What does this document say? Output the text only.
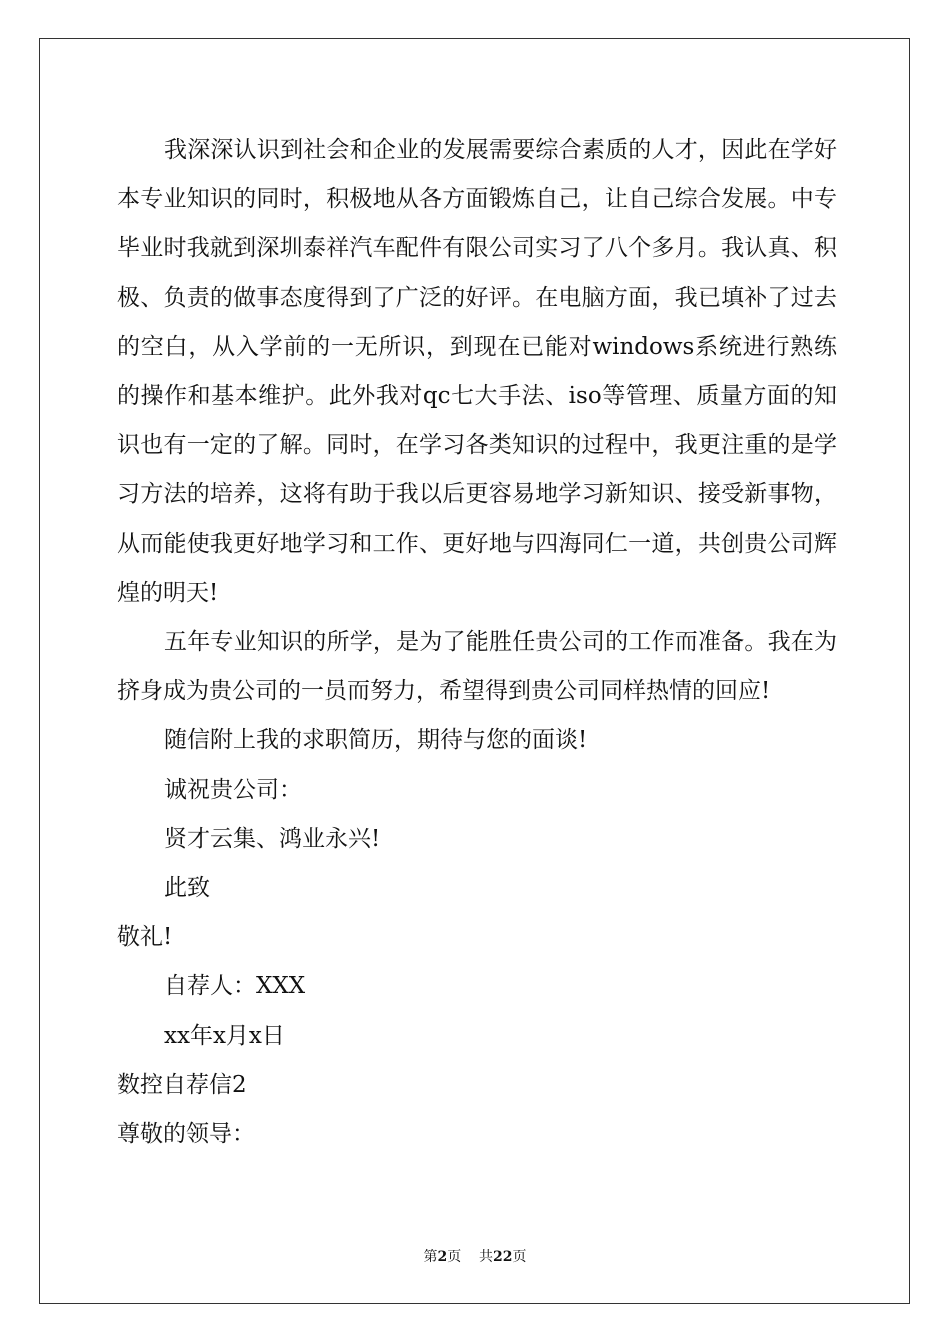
我深深认识到社会和企业的发展需要综合素质的人才，因此在学好本专业知识的同时，积极地从各方面锻炼自己，让自己综合发展。中专毕业时我就到深圳泰祥汽车配件有限公司实习了八个多月。我认真、积极、负责的做事态度得到了广泛的好评。在电脑方面，我已填补了过去的空白，从入学前的一无所识，到现在已能对windows系统进行熟练的操作和基本维护。此外我对qc七大手法、iso等管理、质量方面的知识也有一定的了解。同时，在学习各类知识的过程中，我更注重的是学习方法的培养，这将有助于我以后更容易地学习新知识、接受新事物，从而能使我更好地学习和工作、更好地与四海同仁一道，共创贵公司辉煌的明天!

五年专业知识的所学，是为了能胜任贵公司的工作而准备。我在为挤身成为贵公司的一员而努力，希望得到贵公司同样热情的回应!

随信附上我的求职简历，期待与您的面谈!

诚祝贵公司：

贤才云集、鸿业永兴!

此致

敬礼!

自荐人：XXX

xx年x月x日

数控自荐信2

尊敬的领导：

第2页 共22页
